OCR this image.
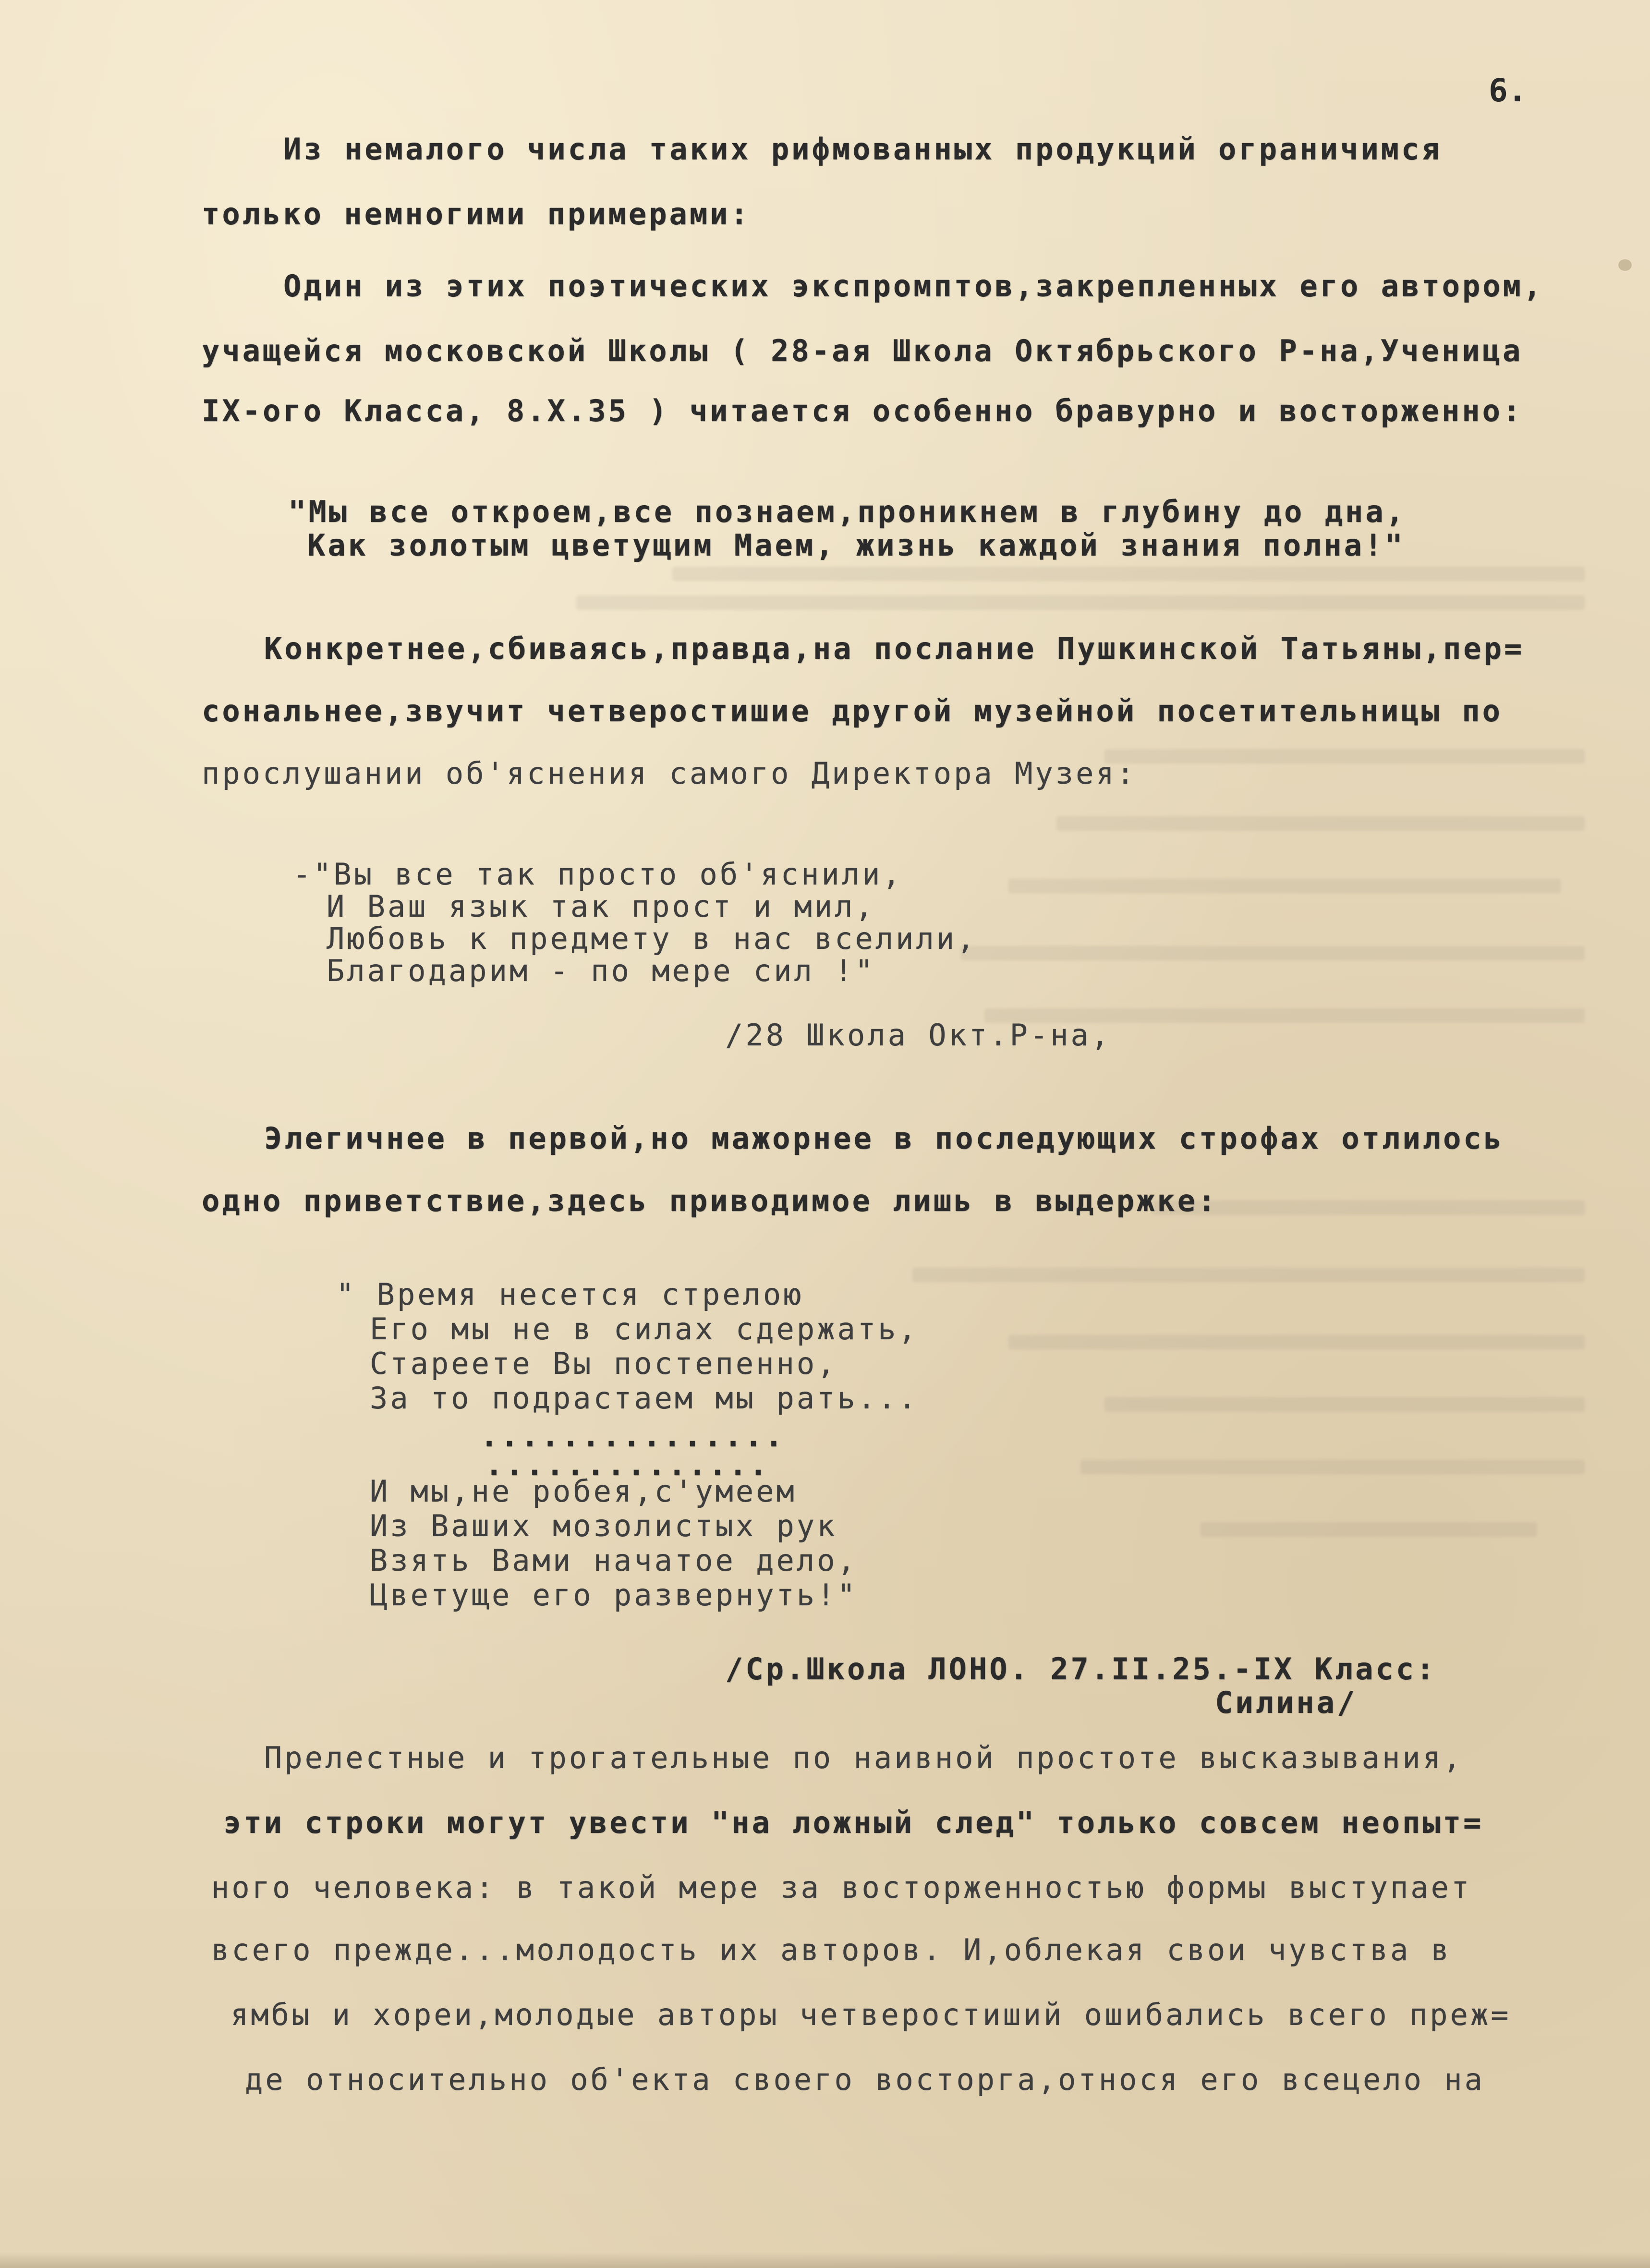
6.
Из немалого числа таких рифмованных продукций ограничимся
только немногими примерами:
Один из этих поэтических экспромптов,закрепленных его автором,
учащейся московской Школы ( 28-ая Школа Октябрьского Р-на,Ученица
IX-ого Класса, 8.Х.35 ) читается особенно бравурно и восторженно:
"Мы все откроем,все познаем,проникнем в глубину до дна,
Как золотым цветущим Маем, жизнь каждой знания полна!"
Конкретнее,сбиваясь,правда,на послание Пушкинской Татьяны,пер=
сональнее,звучит четверостишие другой музейной посетительницы по
прослушании об'яснения самого Директора Музея:
-"Вы все так просто об'яснили,
И Ваш язык так прост и мил,
Любовь к предмету в нас вселили,
Благодарим - по мере сил !"
/28 Школа Окт.Р-на,
Элегичнее в первой,но мажорнее в последующих строфах отлилось
одно приветствие,здесь приводимое лишь в выдержке:
" Время несется стрелою
Его мы не в силах сдержать,
Стареете Вы постепенно,
За то подрастаем мы рать...
...............
..............
И мы,не робея,с'умеем
Из Ваших мозолистых рук
Взять Вами начатое дело,
Цветуще его развернуть!"
/Ср.Школа ЛОНО. 27.II.25.-IX Класс:
Силина/
Прелестные и трогательные по наивной простоте высказывания,
эти строки могут увести "на ложный след" только совсем неопыт=
ного человека: в такой мере за восторженностью формы выступает
всего прежде...молодость их авторов. И,облекая свои чувства в
ямбы и хореи,молодые авторы четверостиший ошибались всего преж=
де относительно об'екта своего восторга,относя его всецело на
